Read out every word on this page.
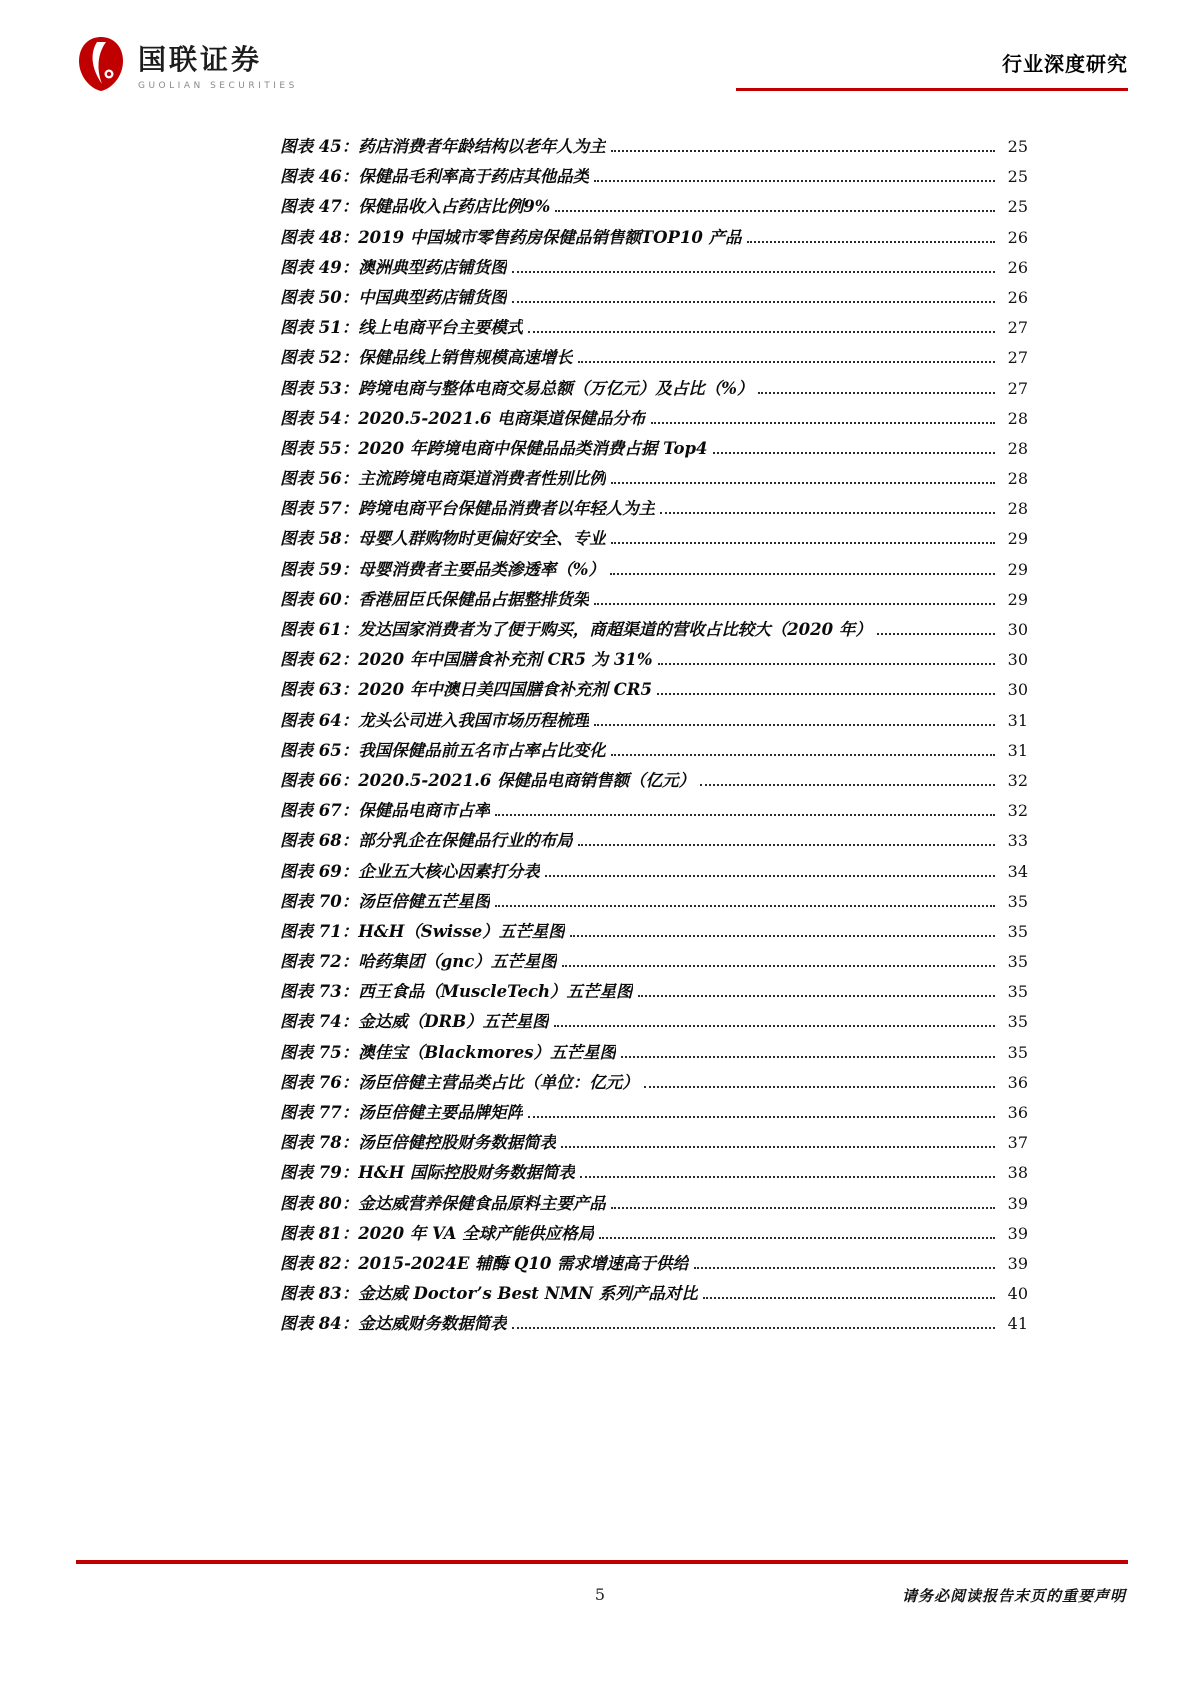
国联证券
GUOLIAN SECURITIES
行业深度研究
图表 45：药店消费者年龄结构以老年人为主	25
图表 46：保健品毛利率高于药店其他品类	25
图表 47：保健品收入占药店比例9%	25
图表 48：2019 中国城市零售药房保健品销售额TOP10 产品	26
图表 49：澳洲典型药店铺货图	26
图表 50：中国典型药店铺货图	26
图表 51：线上电商平台主要模式	27
图表 52：保健品线上销售规模高速增长	27
图表 53：跨境电商与整体电商交易总额（万亿元）及占比（%）	27
图表 54：2020.5-2021.6 电商渠道保健品分布	28
图表 55：2020 年跨境电商中保健品品类消费占据 Top4	28
图表 56：主流跨境电商渠道消费者性别比例	28
图表 57：跨境电商平台保健品消费者以年轻人为主	28
图表 58：母婴人群购物时更偏好安全、专业	29
图表 59：母婴消费者主要品类渗透率（%）	29
图表 60：香港屈臣氏保健品占据整排货架	29
图表 61：发达国家消费者为了便于购买，商超渠道的营收占比较大（2020 年）	30
图表 62：2020 年中国膳食补充剂 CR5 为 31%	30
图表 63：2020 年中澳日美四国膳食补充剂 CR5	30
图表 64：龙头公司进入我国市场历程梳理	31
图表 65：我国保健品前五名市占率占比变化	31
图表 66：2020.5-2021.6 保健品电商销售额（亿元）	32
图表 67：保健品电商市占率	32
图表 68：部分乳企在保健品行业的布局	33
图表 69：企业五大核心因素打分表	34
图表 70：汤臣倍健五芒星图	35
图表 71：H&H（Swisse）五芒星图	35
图表 72：哈药集团（gnc）五芒星图	35
图表 73：西王食品（MuscleTech）五芒星图	35
图表 74：金达威（DRB）五芒星图	35
图表 75：澳佳宝（Blackmores）五芒星图	35
图表 76：汤臣倍健主营品类占比（单位：亿元）	36
图表 77：汤臣倍健主要品牌矩阵	36
图表 78：汤臣倍健控股财务数据简表	37
图表 79：H&H 国际控股财务数据简表	38
图表 80：金达威营养保健食品原料主要产品	39
图表 81：2020 年 VA 全球产能供应格局	39
图表 82：2015-2024E 辅酶 Q10 需求增速高于供给	39
图表 83：金达威 Doctor’s Best NMN 系列产品对比	40
图表 84：金达威财务数据简表	41
5	请务必阅读报告末页的重要声明
